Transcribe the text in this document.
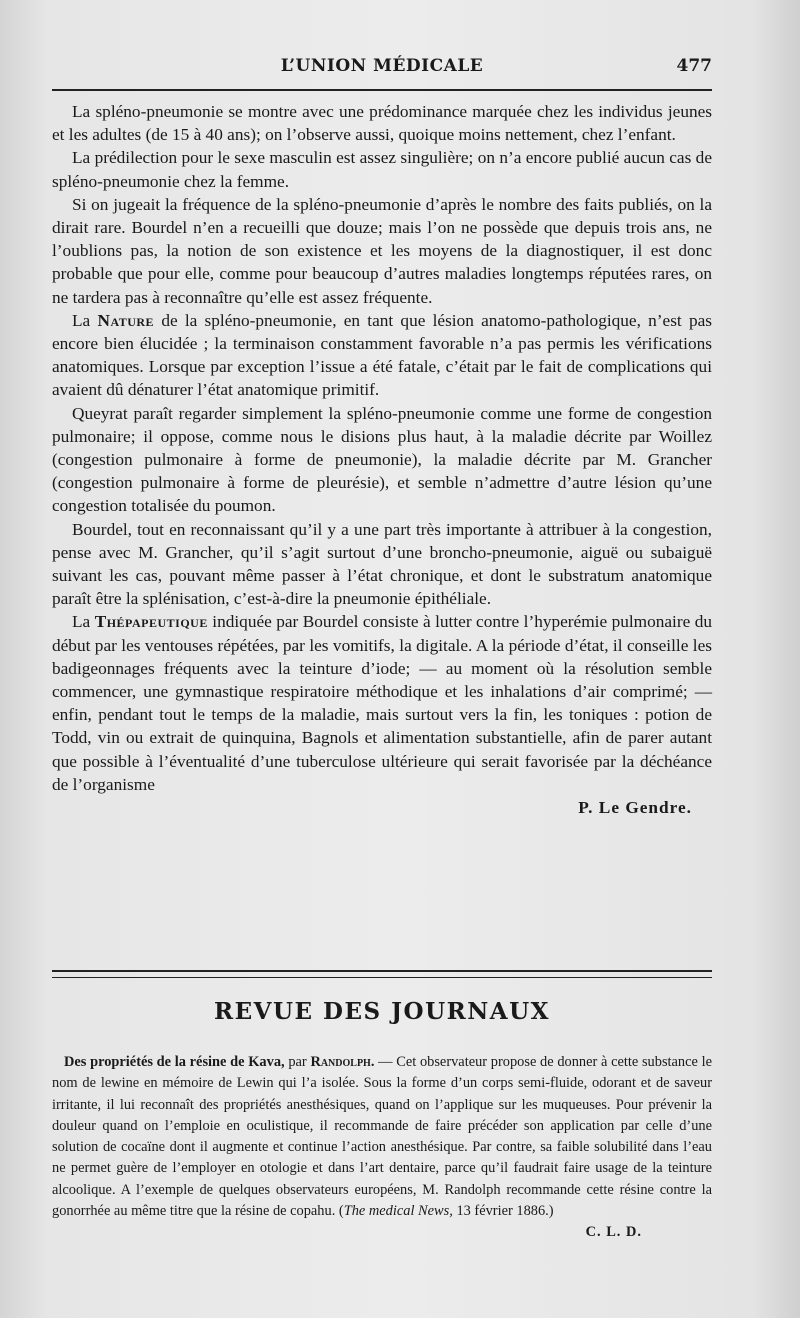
L’UNION MÉDICALE	477

La spléno-pneumonie se montre avec une prédominance marquée chez les individus jeunes et les adultes (de 15 à 40 ans); on l’observe aussi, quoique moins nettement, chez l’enfant.

La prédilection pour le sexe masculin est assez singulière; on n’a encore publié aucun cas de spléno-pneumonie chez la femme.

Si on jugeait la fréquence de la spléno-pneumonie d’après le nombre des faits publiés, on la dirait rare. Bourdel n’en a recueilli que douze; mais l’on ne possède que depuis trois ans, ne l’oublions pas, la notion de son existence et les moyens de la diagnostiquer, il est donc probable que pour elle, comme pour beaucoup d’autres maladies longtemps réputées rares, on ne tardera pas à reconnaître qu’elle est assez fréquente.

La Nature de la spléno-pneumonie, en tant que lésion anatomo-pathologique, n’est pas encore bien élucidée ; la terminaison constamment favorable n’a pas permis les vérifications anatomiques. Lorsque par exception l’issue a été fatale, c’était par le fait de complications qui avaient dû dénaturer l’état anatomique primitif.

Queyrat paraît regarder simplement la spléno-pneumonie comme une forme de congestion pulmonaire; il oppose, comme nous le disions plus haut, à la maladie décrite par Woillez (congestion pulmonaire à forme de pneumonie), la maladie décrite par M. Grancher (congestion pulmonaire à forme de pleurésie), et semble n’admettre d’autre lésion qu’une congestion totalisée du poumon.

Bourdel, tout en reconnaissant qu’il y a une part très importante à attribuer à la congestion, pense avec M. Grancher, qu’il s’agit surtout d’une broncho-pneumonie, aiguë ou subaiguë suivant les cas, pouvant même passer à l’état chronique, et dont le substratum anatomique paraît être la splénisation, c’est-à-dire la pneumonie épithéliale.

La Thépapeutique indiquée par Bourdel consiste à lutter contre l’hyperémie pulmonaire du début par les ventouses répétées, par les vomitifs, la digitale. A la période d’état, il conseille les badigeonnages fréquents avec la teinture d’iode; — au moment où la résolution semble commencer, une gymnastique respiratoire méthodique et les inhalations d’air comprimé; — enfin, pendant tout le temps de la maladie, mais surtout vers la fin, les toniques : potion de Todd, vin ou extrait de quinquina, Bagnols et alimentation substantielle, afin de parer autant que possible à l’éventualité d’une tuberculose ultérieure qui serait favorisée par la déchéance de l’organisme

P. Le Gendre.
REVUE DES JOURNAUX

Des propriétés de la résine de Kava, par Randolph. — Cet observateur propose de donner à cette substance le nom de lewine en mémoire de Lewin qui l’a isolée. Sous la forme d’un corps semi-fluide, odorant et de saveur irritante, il lui reconnaît des propriétés anesthésiques, quand on l’applique sur les muqueuses. Pour prévenir la douleur quand on l’emploie en oculistique, il recommande de faire précéder son application par celle d’une solution de cocaïne dont il augmente et continue l’action anesthésique. Par contre, sa faible solubilité dans l’eau ne permet guère de l’employer en otologie et dans l’art dentaire, parce qu’il faudrait faire usage de la teinture alcoolique. A l’exemple de quelques observateurs européens, M. Randolph recommande cette résine contre la gonorrhée au même titre que la résine de copahu. (The medical News, 13 février 1886.)

C. L. D.
